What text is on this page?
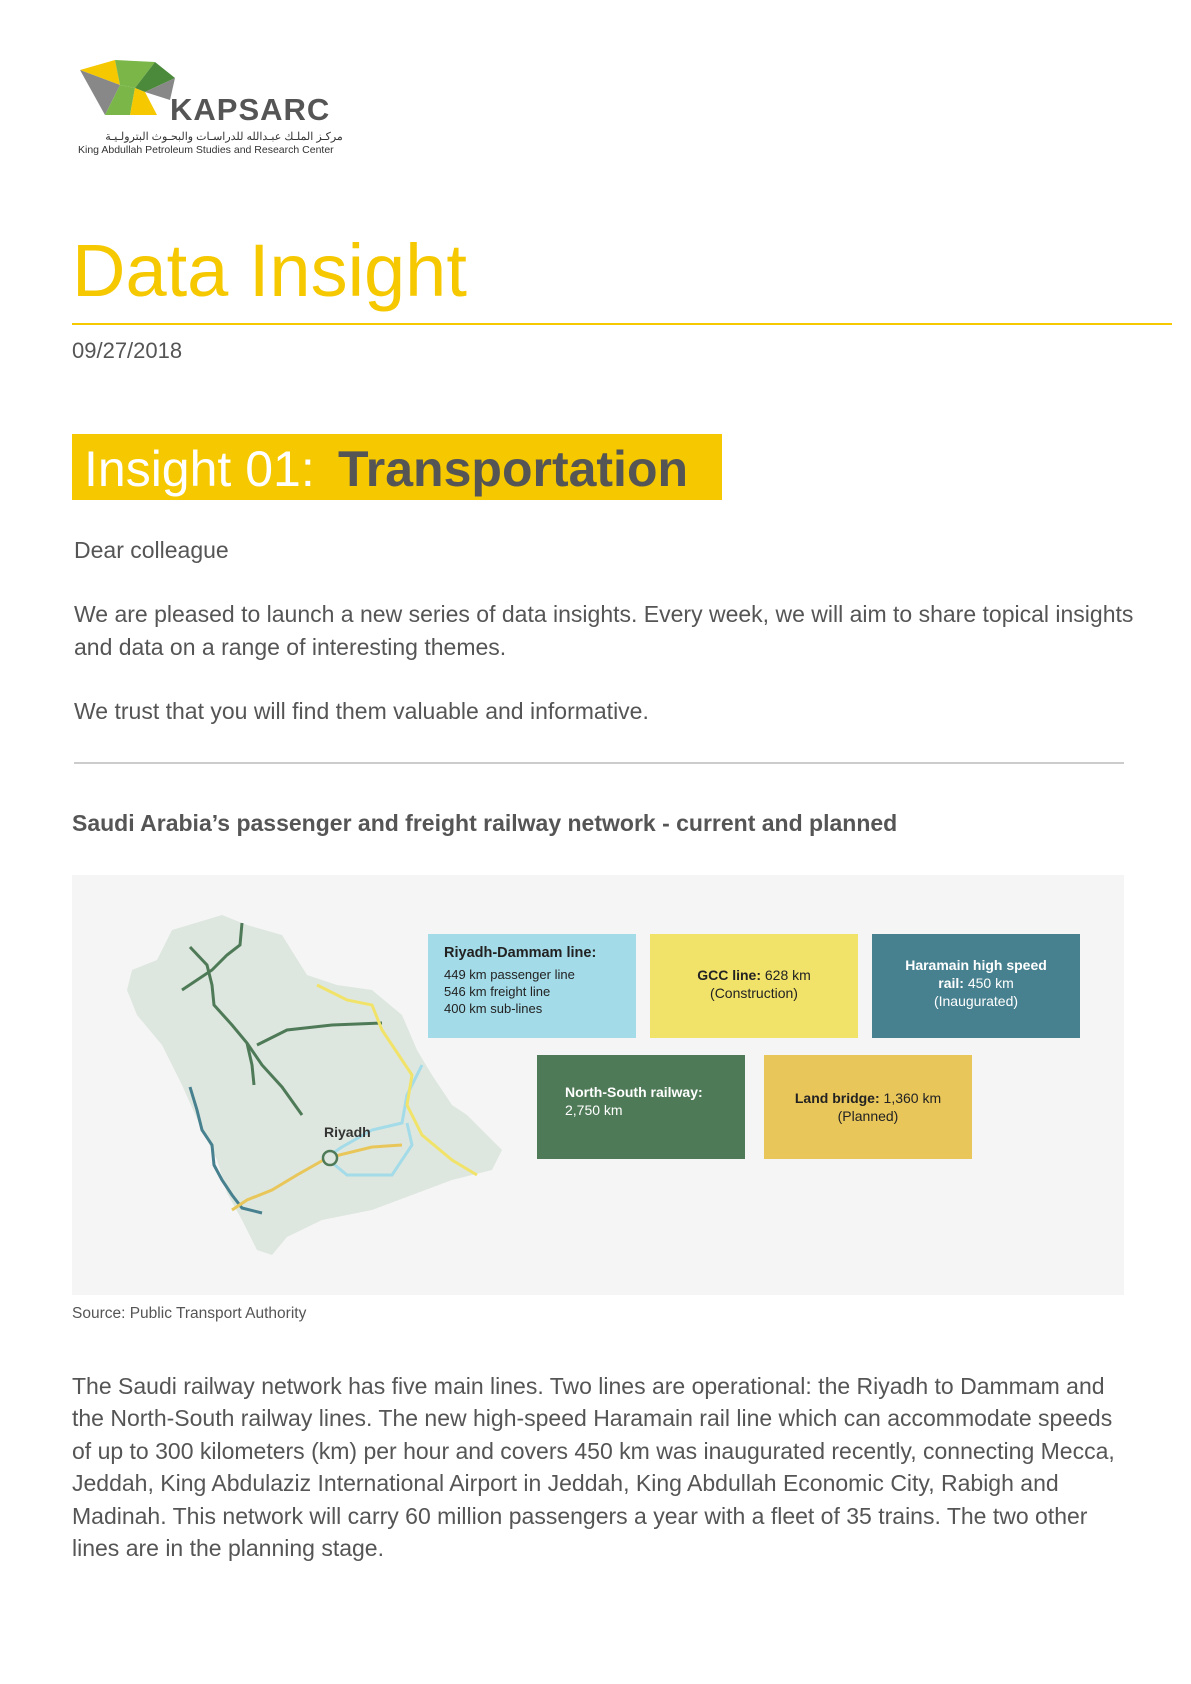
KAPSARC
مركـز الملـك عبـدالله للدراسـات والبحـوث البترولـيـة
King Abdullah Petroleum Studies and Research Center
Data Insight
09/27/2018
Insight 01: Transportation
Dear colleague
We are pleased to launch a new series of data insights. Every week, we will aim to share topical insights and data on a range of interesting themes.
We trust that you will find them valuable and informative.
Saudi Arabia’s passenger and freight railway network - current and planned
Riyadh
Riyadh-Dammam line:
449 km passenger line
546 km freight line
400 km sub-lines
GCC line: 628 km
(Construction)
Haramain high speed
rail: 450 km
(Inaugurated)
North-South railway:
2,750 km
Land bridge: 1,360 km
(Planned)
Source: Public Transport Authority
The Saudi railway network has five main lines. Two lines are operational: the Riyadh to Dammam and the North-South railway lines. The new high-speed Haramain rail line which can accommodate speeds of up to 300 kilometers (km) per hour and covers 450 km was inaugurated recently, connecting Mecca, Jeddah, King Abdulaziz International Airport in Jeddah, King Abdullah Economic City, Rabigh and Madinah. This network will carry 60 million passengers a year with a fleet of 35 trains. The two other lines are in the planning stage.
